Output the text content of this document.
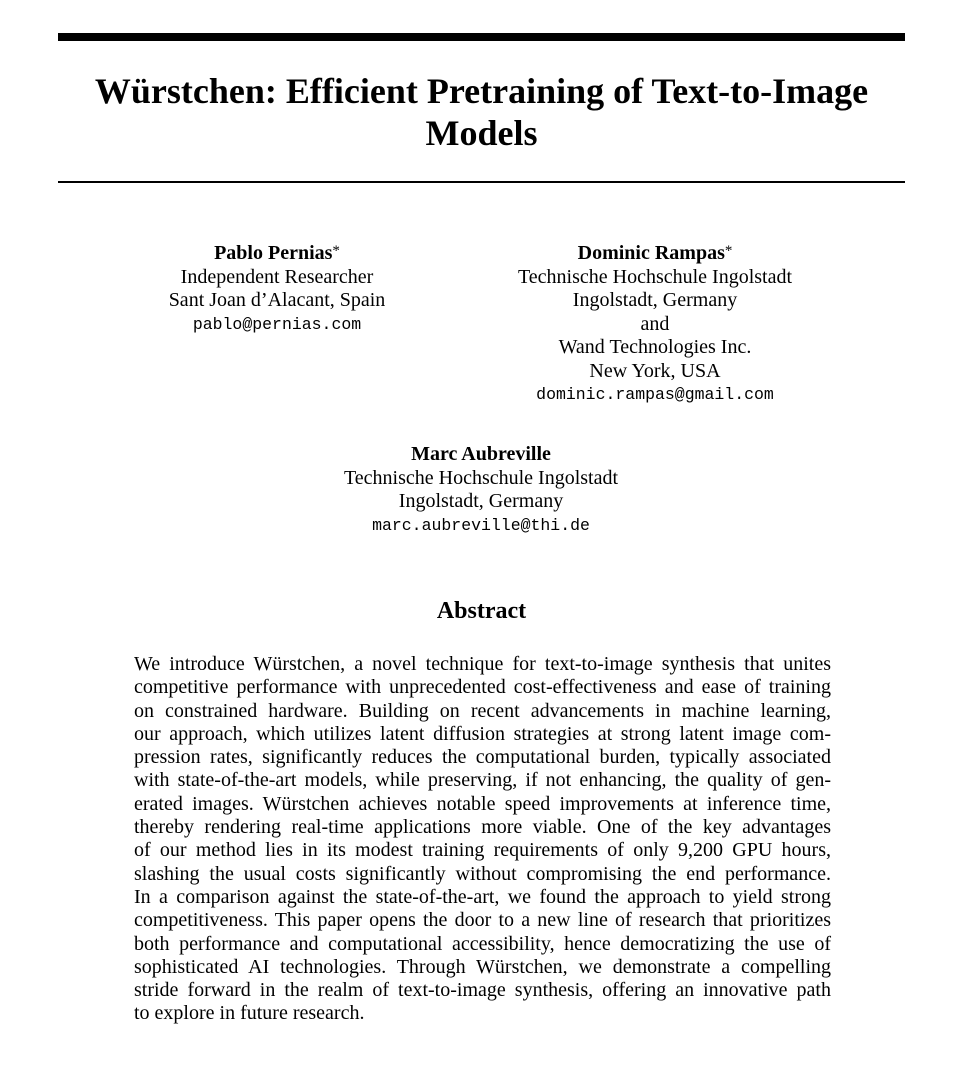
Würstchen: Efficient Pretraining of Text-to-Image Models
Pablo Pernias*
Independent Researcher
Sant Joan d’Alacant, Spain
pablo@pernias.com
Dominic Rampas*
Technische Hochschule Ingolstadt
Ingolstadt, Germany
and
Wand Technologies Inc.
New York, USA
dominic.rampas@gmail.com
Marc Aubreville
Technische Hochschule Ingolstadt
Ingolstadt, Germany
marc.aubreville@thi.de
Abstract

We introduce Würstchen, a novel technique for text-to-image synthesis that unites
competitive performance with unprecedented cost-effectiveness and ease of training
on constrained hardware. Building on recent advancements in machine learning,
our approach, which utilizes latent diffusion strategies at strong latent image com-
pression rates, significantly reduces the computational burden, typically associated
with state-of-the-art models, while preserving, if not enhancing, the quality of gen-
erated images. Würstchen achieves notable speed improvements at inference time,
thereby rendering real-time applications more viable. One of the key advantages
of our method lies in its modest training requirements of only 9,200 GPU hours,
slashing the usual costs significantly without compromising the end performance.
In a comparison against the state-of-the-art, we found the approach to yield strong
competitiveness. This paper opens the door to a new line of research that prioritizes
both performance and computational accessibility, hence democratizing the use of
sophisticated AI technologies. Through Würstchen, we demonstrate a compelling
stride forward in the realm of text-to-image synthesis, offering an innovative path
to explore in future research.
